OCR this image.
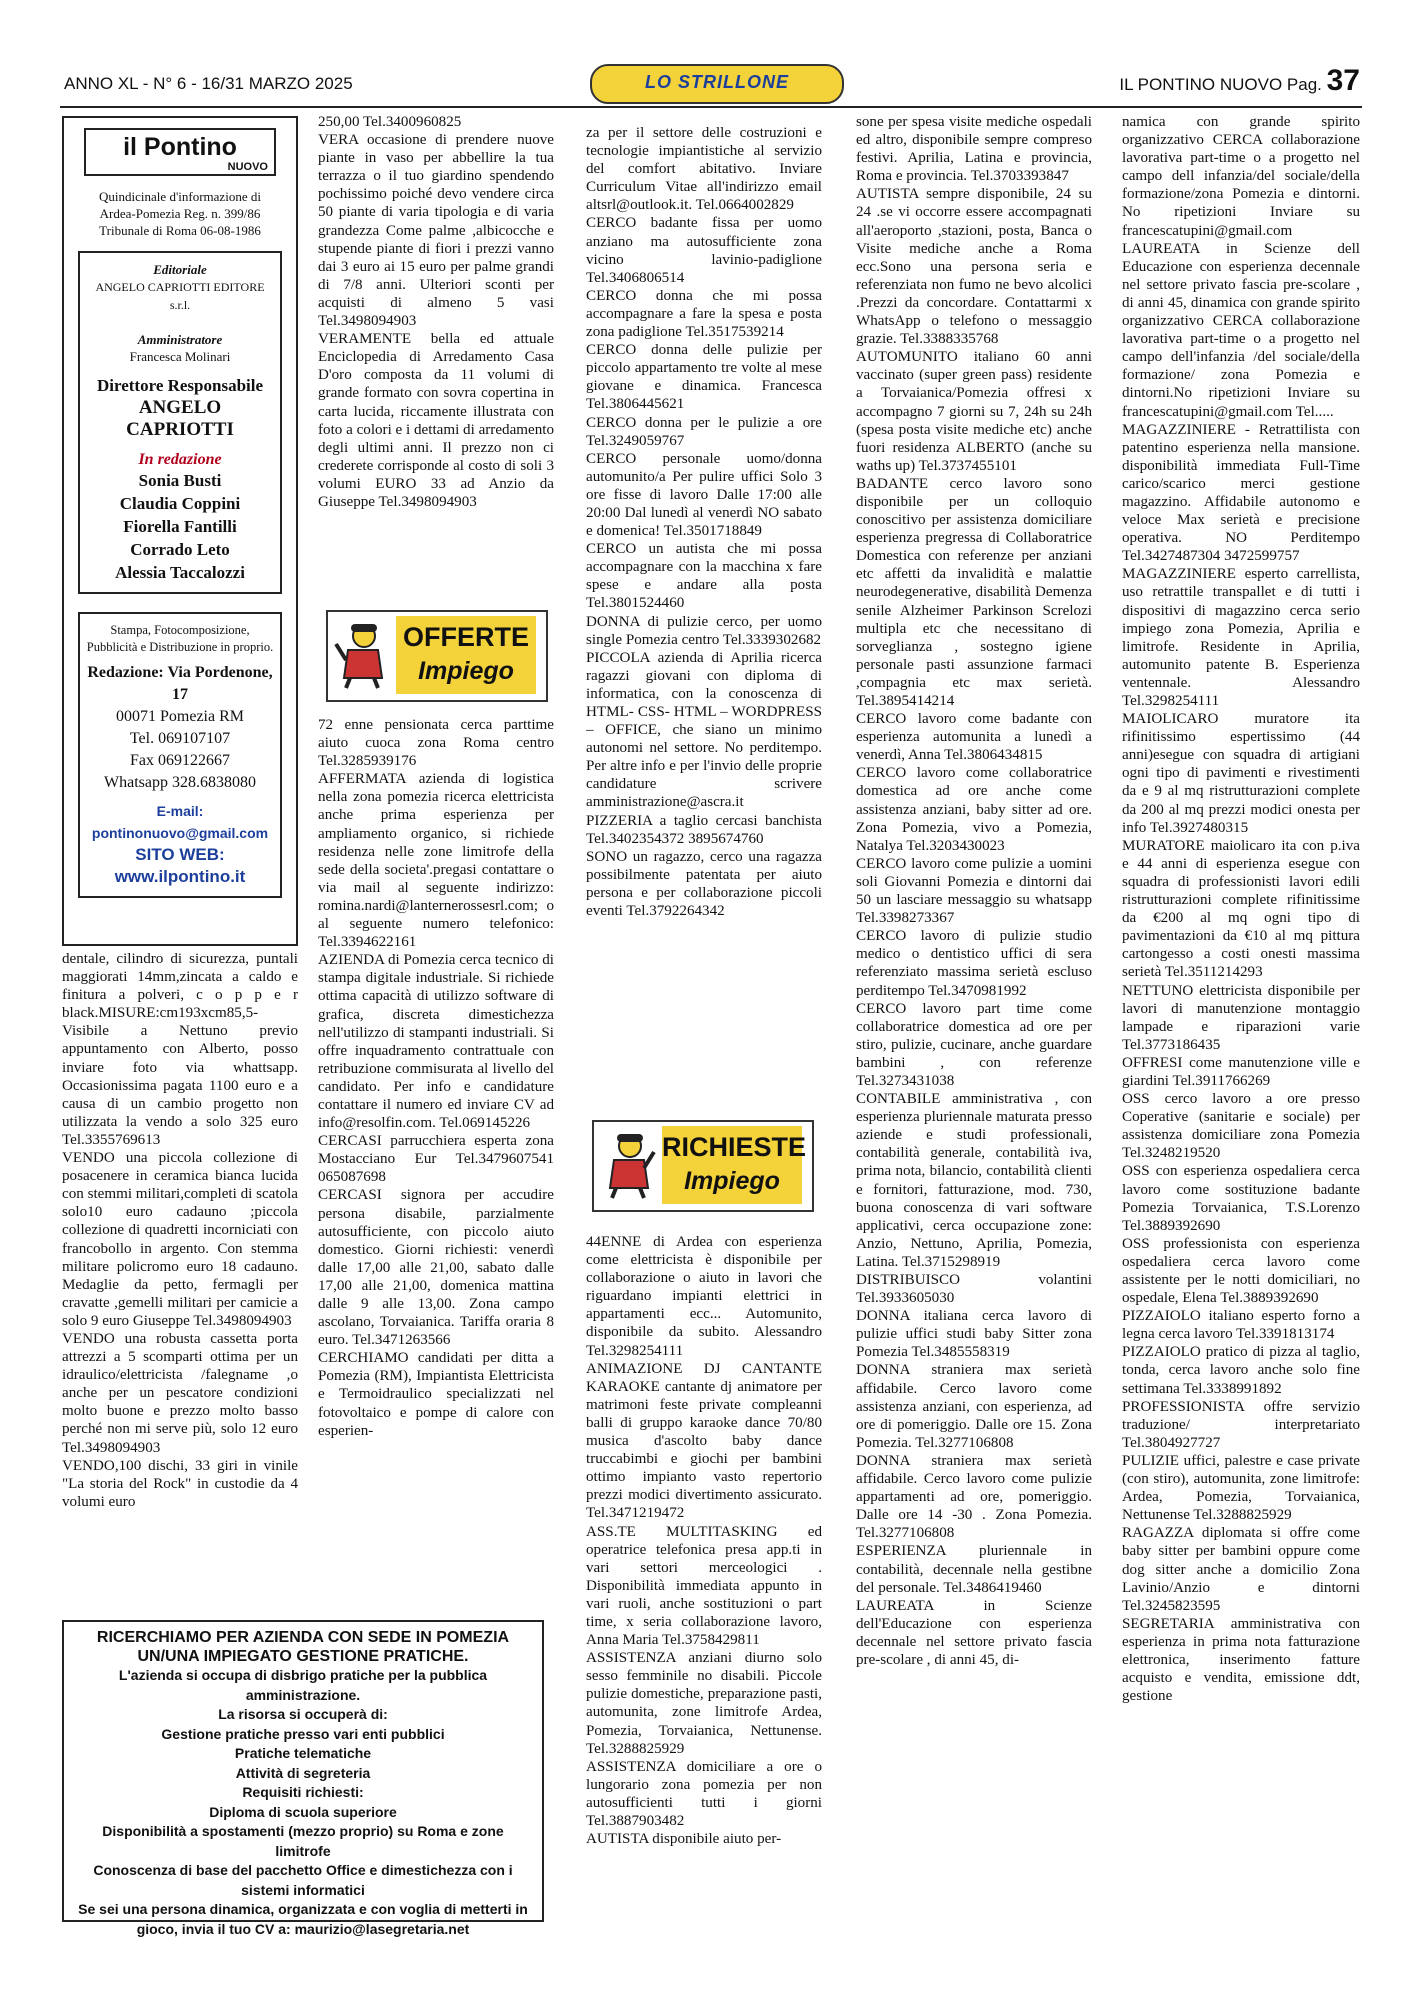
ANNO XL - N° 6 - 16/31 MARZO 2025	LO STRILLONE	IL PONTINO NUOVO Pag. 37
il Pontino
NUOVO
Quindicinale d'informazione di Ardea-Pomezia Reg. n. 399/86 Tribunale di Roma 06-08-1986
Editoriale
ANGELO CAPRIOTTI EDITORE s.r.l.

Amministratore
Francesca Molinari
Direttore Responsabile
ANGELO CAPRIOTTI
In redazione
Sonia Busti
Claudia Coppini
Fiorella Fantilli
Corrado Leto
Alessia Taccalozzi
Stampa, Fotocomposizione, Pubblicità e Distribuzione in proprio.
Redazione: Via Pordenone, 17
00071 Pomezia RM
Tel. 069107107
Fax 069122667
Whatsapp 328.6838080
E-mail: pontinonuovo@gmail.com
SITO WEB: www.ilpontino.it

dentale, cilindro di sicurezza, puntali maggiorati 14mm,zincata a caldo e finitura a polveri, c o p p e r black.MISURE:cm193xcm85,5- Visibile a Nettuno previo appuntamento con Alberto, posso inviare foto via whattsapp. Occasionissima pagata 1100 euro e a causa di un cambio progetto non utilizzata la vendo a solo 325 euro Tel.3355769613

VENDO una piccola collezione di posacenere in ceramica bianca lucida con stemmi militari,completi di scatola solo10 euro cadauno ;piccola collezione di quadretti incorniciati con francobollo in argento. Con stemma militare policromo euro 18 cadauno. Medaglie da petto, fermagli per cravatte ,gemelli militari per camicie a solo 9 euro Giuseppe Tel.3498094903

VENDO una robusta cassetta porta attrezzi a 5 scomparti ottima per un idraulico/elettricista /falegname ,o anche per un pescatore condizioni molto buone e prezzo molto basso perché non mi serve più, solo 12 euro Tel.3498094903

VENDO,100 dischi, 33 giri in vinile "La storia del Rock" in custodie da 4 volumi euro

250,00 Tel.3400960825

VERA occasione di prendere nuove piante in vaso per abbellire la tua terrazza o il tuo giardino spendendo pochissimo poiché devo vendere circa 50 piante di varia tipologia e di varia grandezza Come palme ,albicocche e stupende piante di fiori i prezzi vanno dai 3 euro ai 15 euro per palme grandi di 7/8 anni. Ulteriori sconti per acquisti di almeno 5 vasi Tel.3498094903

VERAMENTE bella ed attuale Enciclopedia di Arredamento Casa D'oro composta da 11 volumi di grande formato con sovra copertina in carta lucida, riccamente illustrata con foto a colori e i dettami di arredamento degli ultimi anni. Il prezzo non ci crederete corrisponde al costo di soli 3 volumi EURO 33 ad Anzio da Giuseppe Tel.3498094903

OFFERTE
Impiego

72 enne pensionata cerca parttime aiuto cuoca zona Roma centro Tel.3285939176

AFFERMATA azienda di logistica nella zona pomezia ricerca elettricista anche prima esperienza per ampliamento organico, si richiede residenza nelle zone limitrofe della sede della societa'.pregasi contattare o via mail al seguente indirizzo: romina.nardi@lanternerossesrl.com; o al seguente numero telefonico: Tel.3394622161

AZIENDA di Pomezia cerca tecnico di stampa digitale industriale. Si richiede ottima capacità di utilizzo software di grafica, discreta dimestichezza nell'utilizzo di stampanti industriali. Si offre inquadramento contrattuale con retribuzione commisurata al livello del candidato. Per info e candidature contattare il numero ed inviare CV ad info@resolfin.com. Tel.069145226

CERCASI parrucchiera esperta zona Mostacciano Eur Tel.3479607541 065087698

CERCASI signora per accudire persona disabile, parzialmente autosufficiente, con piccolo aiuto domestico. Giorni richiesti: venerdì dalle 17,00 alle 21,00, sabato dalle 17,00 alle 21,00, domenica mattina dalle 9 alle 13,00. Zona campo ascolano, Torvaianica. Tariffa oraria 8 euro. Tel.3471263566

CERCHIAMO candidati per ditta a Pomezia (RM), Impiantista Elettricista e Termoidraulico specializzati nel fotovoltaico e pompe di calore con esperien-

za per il settore delle costruzioni e tecnologie impiantistiche al servizio del comfort abitativo. Inviare Curriculum Vitae all'indirizzo email altsrl@outlook.it. Tel.0664002829

CERCO badante fissa per uomo anziano ma autosufficiente zona vicino lavinio-padiglione Tel.3406806514

CERCO donna che mi possa accompagnare a fare la spesa e posta zona padiglione Tel.3517539214

CERCO donna delle pulizie per piccolo appartamento tre volte al mese giovane e dinamica. Francesca Tel.3806445621

CERCO donna per le pulizie a ore Tel.3249059767

CERCO personale uomo/donna automunito/a Per pulire uffici Solo 3 ore fisse di lavoro Dalle 17:00 alle 20:00 Dal lunedì al venerdì NO sabato e domenica! Tel.3501718849

CERCO un autista che mi possa accompagnare con la macchina x fare spese e andare alla posta Tel.3801524460

DONNA di pulizie cerco, per uomo single Pomezia centro Tel.3339302682

PICCOLA azienda di Aprilia ricerca ragazzi giovani con diploma di informatica, con la conoscenza di HTML- CSS- HTML – WORDPRESS – OFFICE, che siano un minimo autonomi nel settore. No perditempo. Per altre info e per l'invio delle proprie candidature scrivere amministrazione@ascra.it

PIZZERIA a taglio cercasi banchista Tel.3402354372 3895674760

SONO un ragazzo, cerco una ragazza possibilmente patentata per aiuto persona e per collaborazione piccoli eventi Tel.3792264342

RICHIESTE
Impiego

44ENNE di Ardea con esperienza come elettricista è disponibile per collaborazione o aiuto in lavori che riguardano impianti elettrici in appartamenti ecc... Automunito, disponibile da subito. Alessandro Tel.3298254111

ANIMAZIONE DJ CANTANTE KARAOKE cantante dj animatore per matrimoni feste private compleanni balli di gruppo karaoke dance 70/80 musica d'ascolto baby dance truccabimbi e giochi per bambini ottimo impianto vasto repertorio prezzi modici divertimento assicurato. Tel.3471219472

ASS.TE MULTITASKING ed operatrice telefonica presa app.ti in vari settori merceologici . Disponibilità immediata appunto in vari ruoli, anche sostituzioni o part time, x seria collaborazione lavoro, Anna Maria Tel.3758429811

ASSISTENZA anziani diurno solo sesso femminile no disabili. Piccole pulizie domestiche, preparazione pasti, automunita, zone limitrofe Ardea, Pomezia, Torvaianica, Nettunense. Tel.3288825929

ASSISTENZA domiciliare a ore o lungorario zona pomezia per non autosufficienti tutti i giorni Tel.3887903482

AUTISTA disponibile aiuto per-

sone per spesa visite mediche ospedali ed altro, disponibile sempre compreso festivi. Aprilia, Latina e provincia, Roma e provincia. Tel.3703393847

AUTISTA sempre disponibile, 24 su 24 .se vi occorre essere accompagnati all'aeroporto ,stazioni, posta, Banca o Visite mediche anche a Roma ecc.Sono una persona seria e referenziata non fumo ne bevo alcolici .Prezzi da concordare. Contattarmi x WhatsApp o telefono o messaggio grazie. Tel.3388335768

AUTOMUNITO italiano 60 anni vaccinato (super green pass) residente a Torvaianica/Pomezia offresi x accompagno 7 giorni su 7, 24h su 24h (spesa posta visite mediche etc) anche fuori residenza ALBERTO (anche su waths up) Tel.3737455101

BADANTE cerco lavoro sono disponibile per un colloquio conoscitivo per assistenza domiciliare esperienza pregressa di Collaboratrice Domestica con referenze per anziani etc affetti da invalidità e malattie neurodegenerative, disabilità Demenza senile Alzheimer Parkinson Screlozi multipla etc che necessitano di sorveglianza , sostegno igiene personale pasti assunzione farmaci ,compagnia etc max serietà. Tel.3895414214

CERCO lavoro come badante con esperienza automunita a lunedì a venerdì, Anna Tel.3806434815

CERCO lavoro come collaboratrice domestica ad ore anche come assistenza anziani, baby sitter ad ore. Zona Pomezia, vivo a Pomezia, Natalya Tel.3203430023

CERCO lavoro come pulizie a uomini soli Giovanni Pomezia e dintorni dai 50 un lasciare messaggio su whatsapp Tel.3398273367

CERCO lavoro di pulizie studio medico o dentistico uffici di sera referenziato massima serietà escluso perditempo Tel.3470981992

CERCO lavoro part time come collaboratrice domestica ad ore per stiro, pulizie, cucinare, anche guardare bambini , con referenze Tel.3273431038

CONTABILE amministrativa , con esperienza pluriennale maturata presso aziende e studi professionali, contabilità generale, contabilità iva, prima nota, bilancio, contabilità clienti e fornitori, fatturazione, mod. 730, buona conoscenza di vari software applicativi, cerca occupazione zone: Anzio, Nettuno, Aprilia, Pomezia, Latina. Tel.3715298919

DISTRIBUISCO volantini Tel.3933605030

DONNA italiana cerca lavoro di pulizie uffici studi baby Sitter zona Pomezia Tel.3485558319

DONNA straniera max serietà affidabile. Cerco lavoro come assistenza anziani, con esperienza, ad ore di pomeriggio. Dalle ore 15. Zona Pomezia. Tel.3277106808

DONNA straniera max serietà affidabile. Cerco lavoro come pulizie appartamenti ad ore, pomeriggio. Dalle ore 14 -30 . Zona Pomezia. Tel.3277106808

ESPERIENZA pluriennale in contabilità, decennale nella gestibne del personale. Tel.3486419460

LAUREATA in Scienze dell'Educazione con esperienza decennale nel settore privato fascia pre-scolare , di anni 45, di-

namica con grande spirito organizzativo CERCA collaborazione lavorativa part-time o a progetto nel campo dell infanzia/del sociale/della formazione/zona Pomezia e dintorni. No ripetizioni Inviare su francescatupini@gmail.com

LAUREATA in Scienze dell Educazione con esperienza decennale nel settore privato fascia pre-scolare , di anni 45, dinamica con grande spirito organizzativo CERCA collaborazione lavorativa part-time o a progetto nel campo dell'infanzia /del sociale/della formazione/ zona Pomezia e dintorni.No ripetizioni Inviare su francescatupini@gmail.com Tel.....

MAGAZZINIERE - Retrattilista con patentino esperienza nella mansione. disponibilità immediata Full-Time carico/scarico merci gestione magazzino. Affidabile autonomo e veloce Max serietà e precisione operativa. NO Perditempo Tel.3427487304 3472599757

MAGAZZINIERE esperto carrellista, uso retrattile transpallet e di tutti i dispositivi di magazzino cerca serio impiego zona Pomezia, Aprilia e limitrofe. Residente in Aprilia, automunito patente B. Esperienza ventennale. Alessandro Tel.3298254111

MAIOLICARO muratore ita rifinitissimo espertissimo (44 anni)esegue con squadra di artigiani ogni tipo di pavimenti e rivestimenti da e 9 al mq ristrutturazioni complete da 200 al mq prezzi modici onesta per info Tel.3927480315

MURATORE maiolicaro ita con p.iva e 44 anni di esperienza esegue con squadra di professionisti lavori edili ristrutturazioni complete rifinitissime da €200 al mq ogni tipo di pavimentazioni da €10 al mq pittura cartongesso a costi onesti massima serietà Tel.3511214293

NETTUNO elettricista disponibile per lavori di manutenzione montaggio lampade e riparazioni varie Tel.3773186435

OFFRESI come manutenzione ville e giardini Tel.3911766269

OSS cerco lavoro a ore presso Coperative (sanitarie e sociale) per assistenza domiciliare zona Pomezia Tel.3248219520

OSS con esperienza ospedaliera cerca lavoro come sostituzione badante Pomezia Torvaianica, T.S.Lorenzo Tel.3889392690

OSS professionista con esperienza ospedaliera cerca lavoro come assistente per le notti domiciliari, no ospedale, Elena Tel.3889392690

PIZZAIOLO italiano esperto forno a legna cerca lavoro Tel.3391813174

PIZZAIOLO pratico di pizza al taglio, tonda, cerca lavoro anche solo fine settimana Tel.3338991892

PROFESSIONISTA offre servizio traduzione/ interpretariato Tel.3804927727

PULIZIE uffici, palestre e case private (con stiro), automunita, zone limitrofe: Ardea, Pomezia, Torvaianica, Nettunense Tel.3288825929

RAGAZZA diplomata si offre come baby sitter per bambini oppure come dog sitter anche a domicilio Zona Lavinio/Anzio e dintorni Tel.3245823595

SEGRETARIA amministrativa con esperienza in prima nota fatturazione elettronica, inserimento fatture acquisto e vendita, emissione ddt, gestione

RICERCHIAMO PER AZIENDA CON SEDE IN POMEZIA UN/UNA IMPIEGATO GESTIONE PRATICHE.
L'azienda si occupa di disbrigo pratiche per la pubblica amministrazione.
La risorsa si occuperà di:
Gestione pratiche presso vari enti pubblici
Pratiche telematiche
Attività di segreteria
Requisiti richiesti:
Diploma di scuola superiore
Disponibilità a spostamenti (mezzo proprio) su Roma e zone limitrofe
Conoscenza di base del pacchetto Office e dimestichezza con i sistemi informatici
Se sei una persona dinamica, organizzata e con voglia di metterti in gioco, invia il tuo CV a: maurizio@lasegretaria.net
